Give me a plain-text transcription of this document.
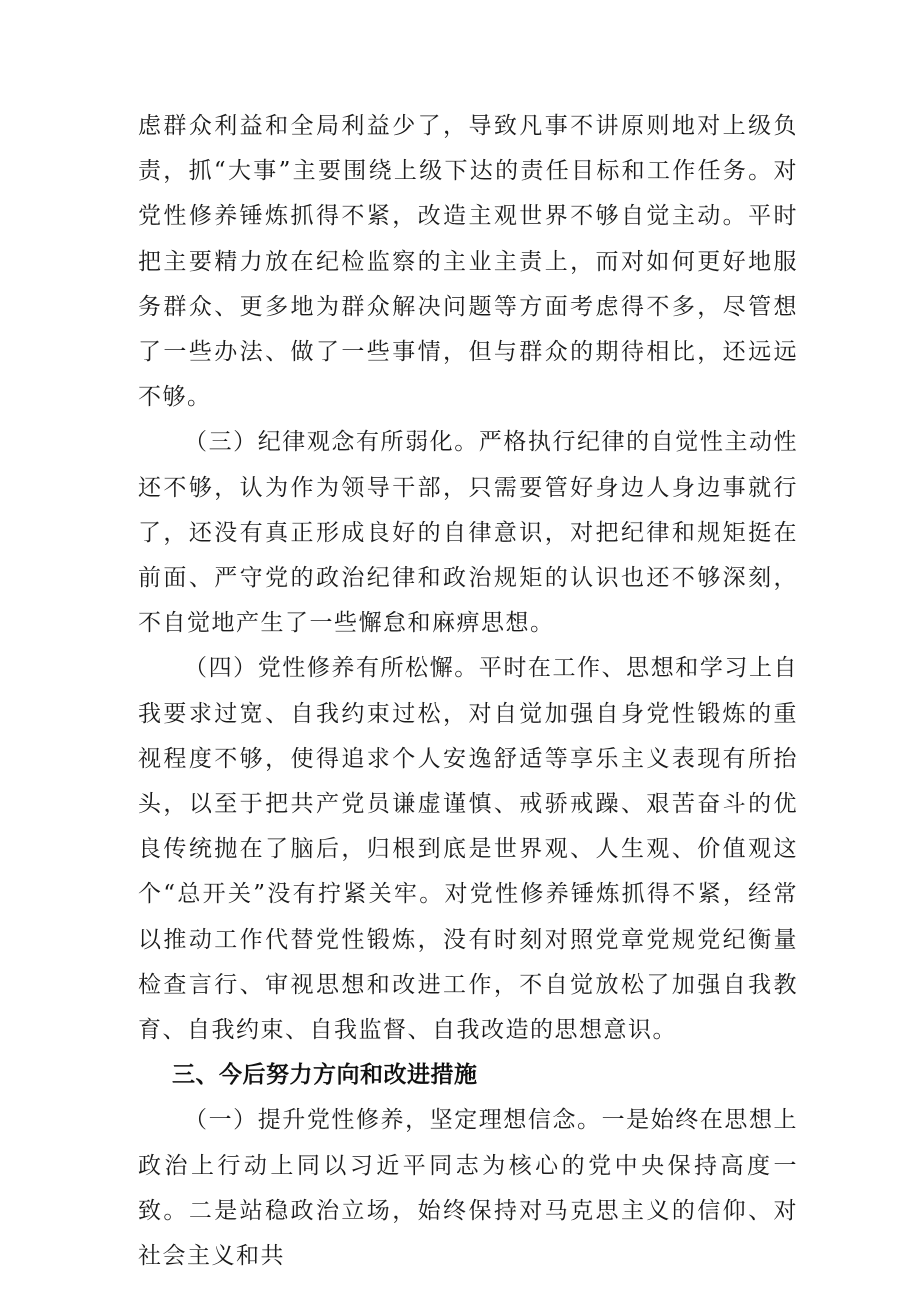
虑群众利益和全局利益少了，导致凡事不讲原则地对上级负责，抓“大事”主要围绕上级下达的责任目标和工作任务。对党性修养锤炼抓得不紧，改造主观世界不够自觉主动。平时把主要精力放在纪检监察的主业主责上，而对如何更好地服务群众、更多地为群众解决问题等方面考虑得不多，尽管想了一些办法、做了一些事情，但与群众的期待相比，还远远不够。

（三）纪律观念有所弱化。严格执行纪律的自觉性主动性还不够，认为作为领导干部，只需要管好身边人身边事就行了，还没有真正形成良好的自律意识，对把纪律和规矩挺在前面、严守党的政治纪律和政治规矩的认识也还不够深刻，不自觉地产生了一些懈怠和麻痹思想。

（四）党性修养有所松懈。平时在工作、思想和学习上自我要求过宽、自我约束过松，对自觉加强自身党性锻炼的重视程度不够，使得追求个人安逸舒适等享乐主义表现有所抬头，以至于把共产党员谦虚谨慎、戒骄戒躁、艰苦奋斗的优良传统抛在了脑后，归根到底是世界观、人生观、价值观这个“总开关”没有拧紧关牢。对党性修养锤炼抓得不紧，经常以推动工作代替党性锻炼，没有时刻对照党章党规党纪衡量检查言行、审视思想和改进工作，不自觉放松了加强自我教育、自我约束、自我监督、自我改造的思想意识。

三、今后努力方向和改进措施

（一）提升党性修养，坚定理想信念。一是始终在思想上政治上行动上同以习近平同志为核心的党中央保持高度一致。二是站稳政治立场，始终保持对马克思主义的信仰、对社会主义和共
